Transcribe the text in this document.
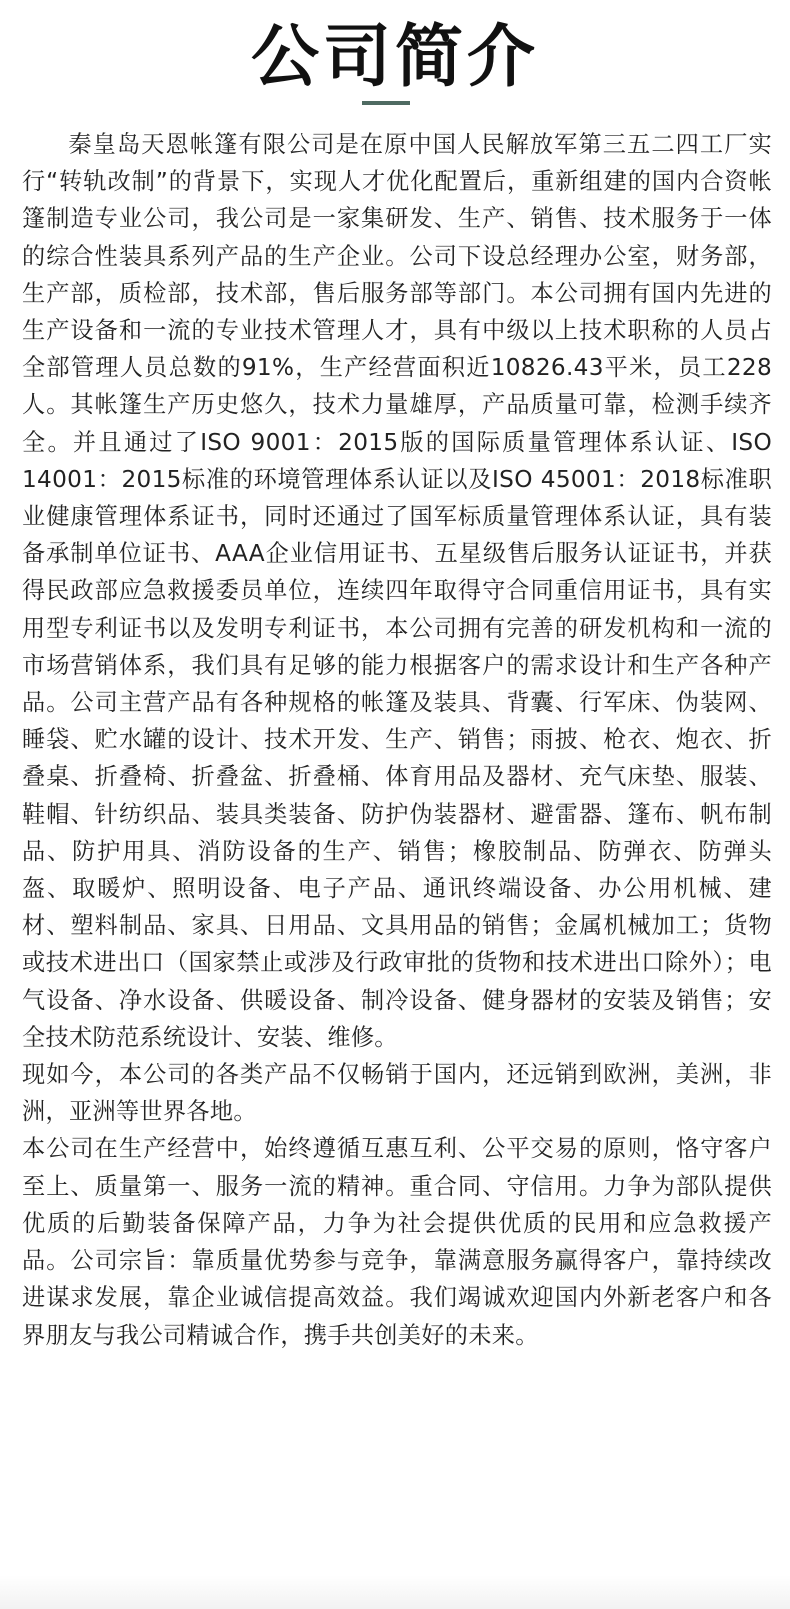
公司简介

秦皇岛天恩帐篷有限公司是在原中国人民解放军第三五二四工厂实行“转轨改制”的背景下，实现人才优化配置后，重新组建的国内合资帐篷制造专业公司，我公司是一家集研发、生产、销售、技术服务于一体的综合性装具系列产品的生产企业。公司下设总经理办公室，财务部，生产部，质检部，技术部，售后服务部等部门。本公司拥有国内先进的生产设备和一流的专业技术管理人才，具有中级以上技术职称的人员占全部管理人员总数的91%，生产经营面积近10826.43平米，员工228人。其帐篷生产历史悠久，技术力量雄厚，产品质量可靠，检测手续齐全。并且通过了ISO 9001：2015版的国际质量管理体系认证、ISO 14001：2015标准的环境管理体系认证以及ISO 45001：2018标准职业健康管理体系证书，同时还通过了国军标质量管理体系认证，具有装备承制单位证书、AAA企业信用证书、五星级售后服务认证证书，并获得民政部应急救援委员单位，连续四年取得守合同重信用证书，具有实用型专利证书以及发明专利证书，本公司拥有完善的研发机构和一流的市场营销体系，我们具有足够的能力根据客户的需求设计和生产各种产品。公司主营产品有各种规格的帐篷及装具、背囊、行军床、伪装网、睡袋、贮水罐的设计、技术开发、生产、销售；雨披、枪衣、炮衣、折叠桌、折叠椅、折叠盆、折叠桶、体育用品及器材、充气床垫、服装、鞋帽、针纺织品、装具类装备、防护伪装器材、避雷器、篷布、帆布制品、防护用具、消防设备的生产、销售；橡胶制品、防弹衣、防弹头盔、取暖炉、照明设备、电子产品、通讯终端设备、办公用机械、建材、塑料制品、家具、日用品、文具用品的销售；金属机械加工；货物或技术进出口（国家禁止或涉及行政审批的货物和技术进出口除外）；电气设备、净水设备、供暖设备、制冷设备、健身器材的安装及销售；安全技术防范系统设计、安装、维修。

现如今，本公司的各类产品不仅畅销于国内，还远销到欧洲，美洲，非洲，亚洲等世界各地。

本公司在生产经营中，始终遵循互惠互利、公平交易的原则，恪守客户至上、质量第一、服务一流的精神。重合同、守信用。力争为部队提供优质的后勤装备保障产品，力争为社会提供优质的民用和应急救援产品。公司宗旨：靠质量优势参与竞争，靠满意服务赢得客户，靠持续改进谋求发展，靠企业诚信提高效益。我们竭诚欢迎国内外新老客户和各界朋友与我公司精诚合作，携手共创美好的未来。
